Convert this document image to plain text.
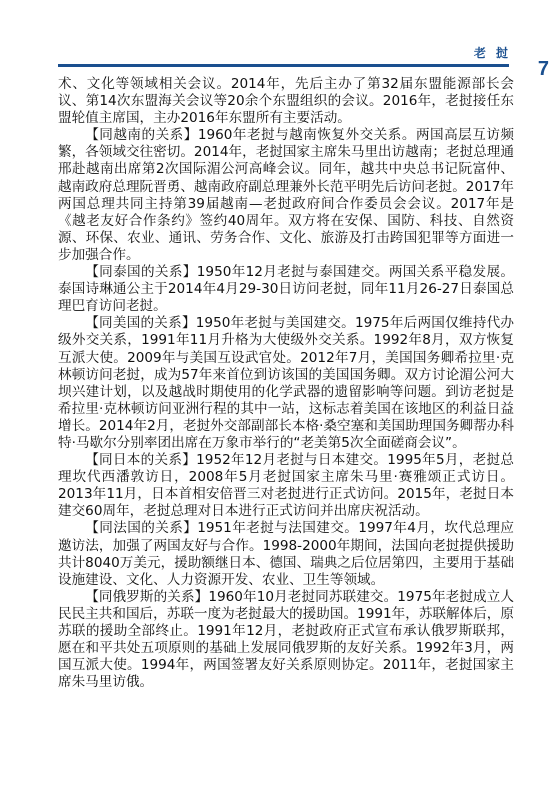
老 挝
7

术、文化等领域相关会议。2014年，先后主办了第32届东盟能源部长会议、第14次东盟海关会议等20余个东盟组织的会议。2016年，老挝接任东盟轮值主席国，主办2016年东盟所有主要活动。

【同越南的关系】1960年老挝与越南恢复外交关系。两国高层互访频繁，各领域交往密切。2014年，老挝国家主席朱马里出访越南；老挝总理通邢赴越南出席第2次国际湄公河高峰会议。同年，越共中央总书记阮富仲、越南政府总理阮晋勇、越南政府副总理兼外长范平明先后访问老挝。2017年两国总理共同主持第39届越南—老挝政府间合作委员会会议。2017年是《越老友好合作条约》签约40周年。双方将在安保、国防、科技、自然资源、环保、农业、通讯、劳务合作、文化、旅游及打击跨国犯罪等方面进一步加强合作。

【同泰国的关系】1950年12月老挝与泰国建交。两国关系平稳发展。泰国诗琳通公主于2014年4月29-30日访问老挝，同年11月26-27日泰国总理巴育访问老挝。

【同美国的关系】1950年老挝与美国建交。1975年后两国仅维持代办级外交关系，1991年11月升格为大使级外交关系。1992年8月，双方恢复互派大使。2009年与美国互设武官处。2012年7月，美国国务卿希拉里·克林顿访问老挝，成为57年来首位到访该国的美国国务卿。双方讨论湄公河大坝兴建计划，以及越战时期使用的化学武器的遗留影响等问题。到访老挝是希拉里·克林顿访问亚洲行程的其中一站，这标志着美国在该地区的利益日益增长。2014年2月，老挝外交部副部长本格·桑空塞和美国助理国务卿帮办科特·马歇尔分别率团出席在万象市举行的“老美第5次全面磋商会议”。

【同日本的关系】1952年12月老挝与日本建交。1995年5月，老挝总理坎代西潘敦访日，2008年5月老挝国家主席朱马里·赛雅颂正式访日。2013年11月，日本首相安倍晋三对老挝进行正式访问。2015年，老挝日本建交60周年，老挝总理对日本进行正式访问并出席庆祝活动。

【同法国的关系】1951年老挝与法国建交。1997年4月，坎代总理应邀访法，加强了两国友好与合作。1998-2000年期间，法国向老挝提供援助共计8040万美元，援助额继日本、德国、瑞典之后位居第四，主要用于基础设施建设、文化、人力资源开发、农业、卫生等领域。

【同俄罗斯的关系】1960年10月老挝同苏联建交。1975年老挝成立人民民主共和国后，苏联一度为老挝最大的援助国。1991年，苏联解体后，原苏联的援助全部终止。1991年12月，老挝政府正式宣布承认俄罗斯联邦，愿在和平共处五项原则的基础上发展同俄罗斯的友好关系。1992年3月，两国互派大使。1994年，两国签署友好关系原则协定。2011年，老挝国家主席朱马里访俄。
